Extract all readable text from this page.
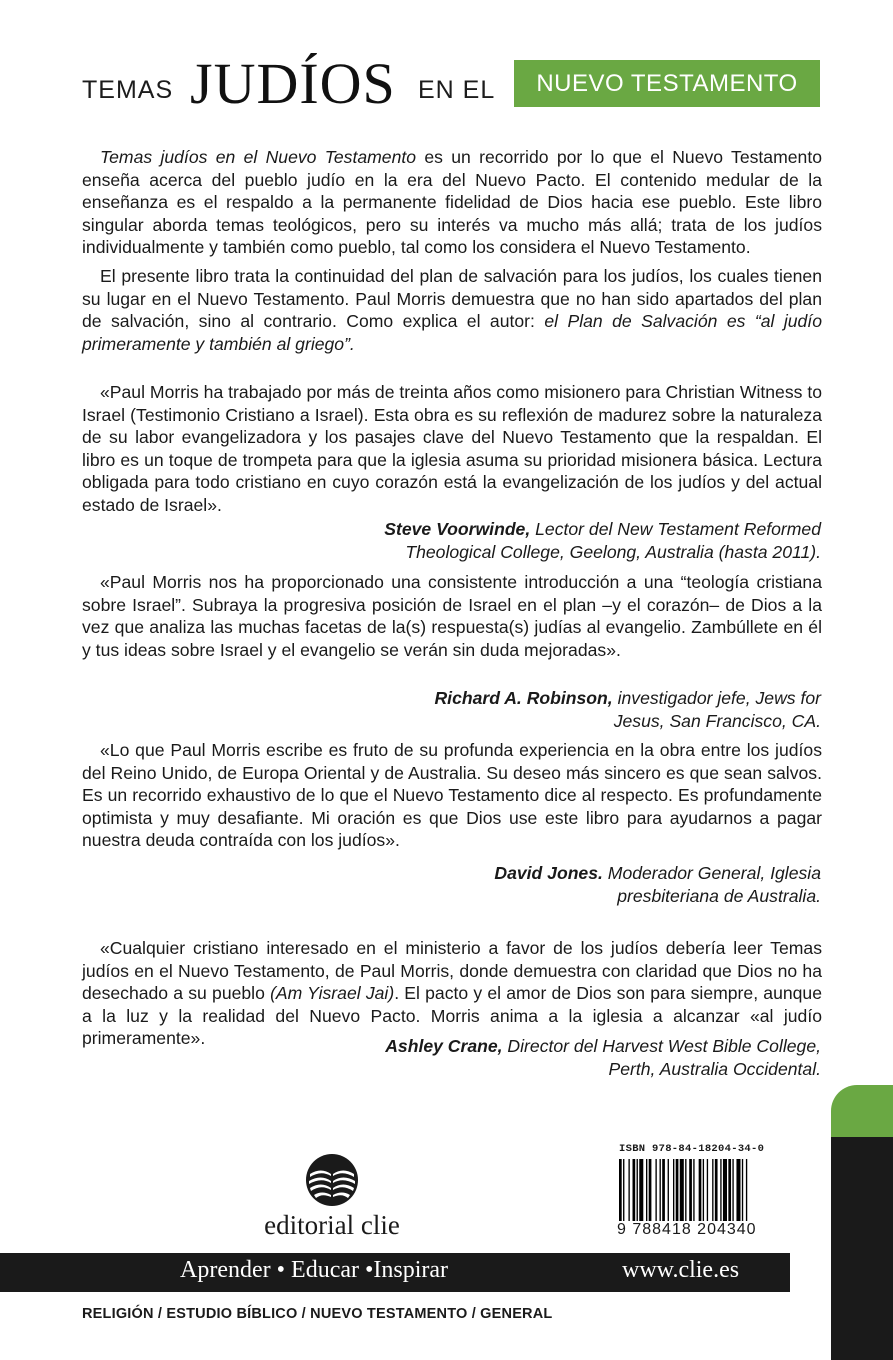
TEMAS JUDÍOS EN EL	NUEVO TESTAMENTO

Temas judíos en el Nuevo Testamento es un recorrido por lo que el Nuevo Testamento enseña acerca del pueblo judío en la era del Nuevo Pacto. El contenido medular de la enseñanza es el respaldo a la permanente fidelidad de Dios hacia ese pueblo. Este libro singular aborda temas teológicos, pero su interés va mucho más allá; trata de los judíos individualmente y también como pueblo, tal como los considera el Nuevo Testamento.

El presente libro trata la continuidad del plan de salvación para los judíos, los cuales tienen su lugar en el Nuevo Testamento. Paul Morris demuestra que no han sido apartados del plan de salvación, sino al contrario. Como explica el autor: el Plan de Salvación es “al judío primeramente y también al griego”.

«Paul Morris ha trabajado por más de treinta años como misionero para Christian Witness to Israel (Testimonio Cristiano a Israel). Esta obra es su reflexión de madurez sobre la naturaleza de su labor evangelizadora y los pasajes clave del Nuevo Testamento que la respaldan. El libro es un toque de trompeta para que la iglesia asuma su prioridad misionera básica. Lectura obligada para todo cristiano en cuyo corazón está la evangelización de los judíos y del actual estado de Israel».

Steve Voorwinde, Lector del New Testament Reformed
Theological College, Geelong, Australia (hasta 2011).

«Paul Morris nos ha proporcionado una consistente introducción a una “teología cristiana sobre Israel”. Subraya la progresiva posición de Israel en el plan –y el corazón– de Dios a la vez que analiza las muchas facetas de la(s) respuesta(s) judías al evangelio. Zambúllete en él y tus ideas sobre Israel y el evangelio se verán sin duda mejoradas».

Richard A. Robinson, investigador jefe, Jews for
Jesus, San Francisco, CA.

«Lo que Paul Morris escribe es fruto de su profunda experiencia en la obra entre los judíos del Reino Unido, de Europa Oriental y de Australia. Su deseo más sincero es que sean salvos. Es un recorrido exhaustivo de lo que el Nuevo Testamento dice al respecto. Es profundamente optimista y muy desafiante. Mi oración es que Dios use este libro para ayudarnos a pagar nuestra deuda contraída con los judíos».

David Jones. Moderador General, Iglesia
presbiteriana de Australia.

«Cualquier cristiano interesado en el ministerio a favor de los judíos debería leer Temas judíos en el Nuevo Testamento, de Paul Morris, donde demuestra con claridad que Dios no ha desechado a su pueblo (Am Yisrael Jai). El pacto y el amor de Dios son para siempre, aunque a la luz y la realidad del Nuevo Pacto. Morris anima a la iglesia a alcanzar «al judío primeramente».	Ashley Crane, Director del Harvest West Bible College,
Perth, Australia Occidental.
editorial clie
ISBN 978-84-18204-34-0
9 788418 204340
Aprender • Educar •Inspirar	www.clie.es
RELIGIÓN / ESTUDIO BÍBLICO / NUEVO TESTAMENTO / GENERAL
